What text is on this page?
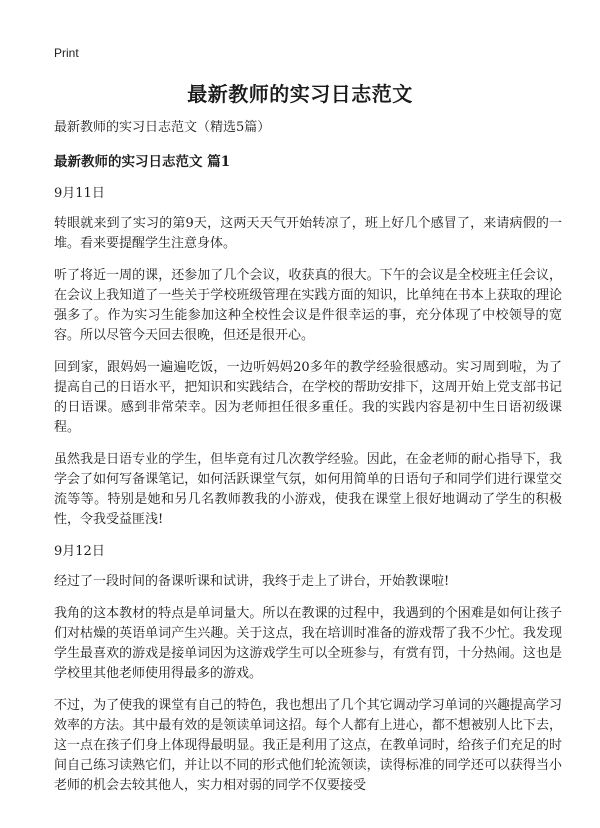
Print
最新教师的实习日志范文

最新教师的实习日志范文（精选5篇）

最新教师的实习日志范文 篇1

9月11日

转眼就来到了实习的第9天，这两天天气开始转凉了，班上好几个感冒了，来请病假的一堆。看来要提醒学生注意身体。

听了将近一周的课，还参加了几个会议，收获真的很大。下午的会议是全校班主任会议，在会议上我知道了一些关于学校班级管理在实践方面的知识，比单纯在书本上获取的理论强多了。作为实习生能参加这种全校性会议是件很幸运的事，充分体现了中校领导的宽容。所以尽管今天回去很晚，但还是很开心。

回到家，跟妈妈一遍遍吃饭，一边听妈妈20多年的教学经验很感动。实习周到啦，为了提高自己的日语水平，把知识和实践结合，在学校的帮助安排下，这周开始上党支部书记的日语课。感到非常荣幸。因为老师担任很多重任。我的实践内容是初中生日语初级课程。

虽然我是日语专业的学生，但毕竟有过几次教学经验。因此，在金老师的耐心指导下，我学会了如何写备课笔记，如何活跃课堂气氛，如何用简单的日语句子和同学们进行课堂交流等等。特别是她和另几名教师教我的小游戏，使我在课堂上很好地调动了学生的积极性，令我受益匪浅!

9月12日

经过了一段时间的备课听课和试讲，我终于走上了讲台，开始教课啦!

我角的这本教材的特点是单词量大。所以在教课的过程中，我遇到的个困难是如何让孩子们对枯燥的英语单词产生兴趣。关于这点，我在培训时准备的游戏帮了我不少忙。我发现学生最喜欢的游戏是接单词因为这游戏学生可以全班参与，有赏有罚，十分热闹。这也是学校里其他老师使用得最多的游戏。

不过，为了使我的课堂有自己的特色，我也想出了几个其它调动学习单词的兴趣提高学习效率的方法。其中最有效的是领读单词这招。每个人都有上进心，都不想被别人比下去，这一点在孩子们身上体现得最明显。我正是利用了这点，在教单词时，给孩子们充足的时间自己练习读熟它们，并让以不同的形式他们轮流领读，读得标准的同学还可以获得当小老师的机会去较其他人，实力相对弱的同学不仅要接受
